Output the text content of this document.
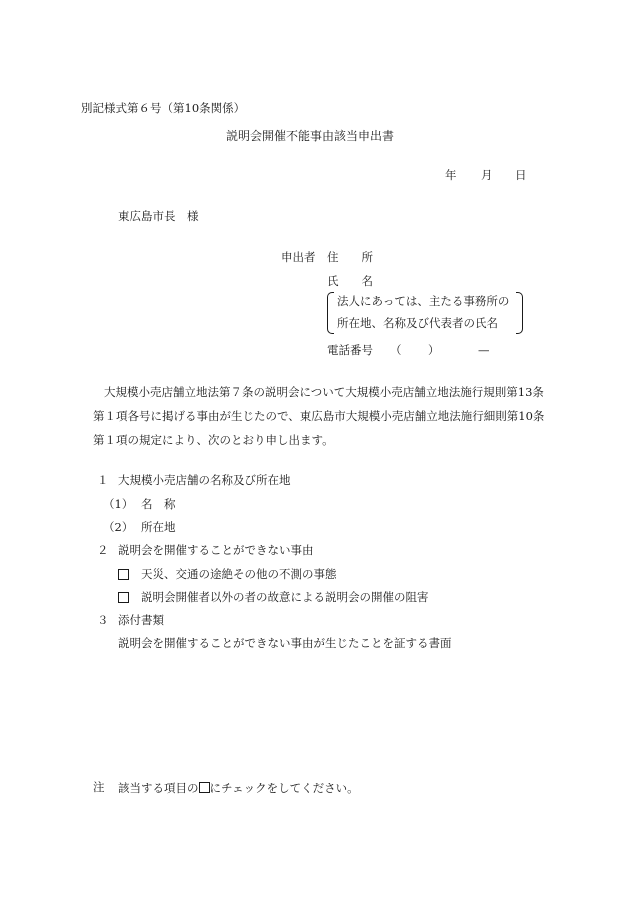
別記様式第６号（第10条関係）
説明会開催不能事由該当申出書
年 月 日
東広島市長　様
申出者 住　　所
氏　　名
法人にあっては、主たる事務所の
所在地、名称及び代表者の氏名
電話番号 （ ）	—
大規模小売店舗立地法第７条の説明会について大規模小売店舗立地法施行規則第13条
第１項各号に掲げる事由が生じたので、東広島市大規模小売店舗立地法施行細則第10条
第１項の規定により、次のとおり申し出ます。
１ 大規模小売店舗の名称及び所在地
（1） 名　称
（2） 所在地
２ 説明会を開催することができない事由
天災、交通の途絶その他の不測の事態
説明会開催者以外の者の故意による説明会の開催の阻害
３ 添付書類
説明会を開催することができない事由が生じたことを証する書面
注 該当する項目の にチェックをしてください。
